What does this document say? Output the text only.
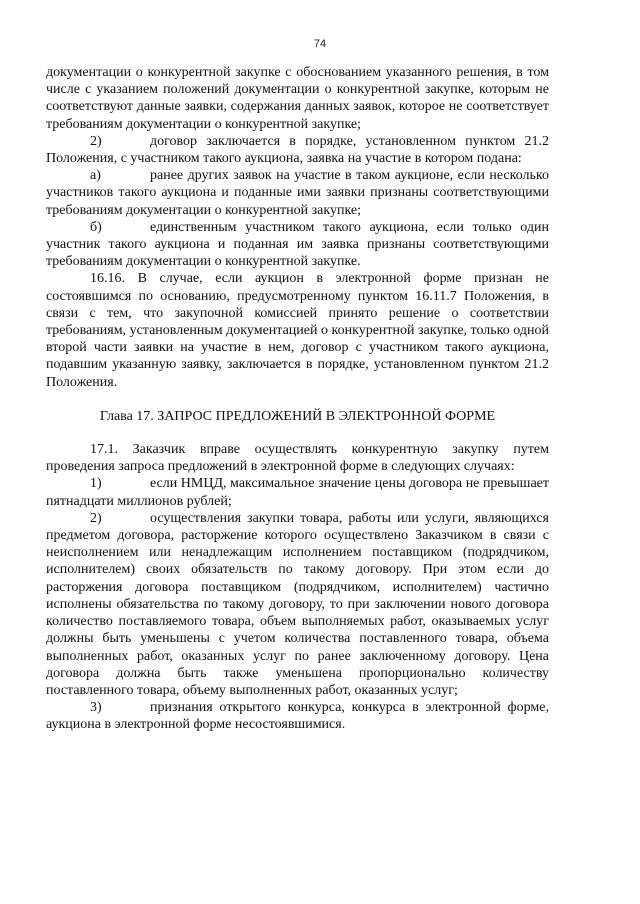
74

документации о конкурентной закупке с обоснованием указанного решения, в том числе с указанием положений документации о конкурентной закупке, которым не соответствуют данные заявки, содержания данных заявок, которое не соответствует требованиям документации о конкурентной закупке;

2)	договор заключается в порядке, установленном пунктом 21.2 Положения, с участником такого аукциона, заявка на участие в котором подана:

а)	ранее других заявок на участие в таком аукционе, если несколько участников такого аукциона и поданные ими заявки признаны соответствующими требованиям документации о конкурентной закупке;

б)	единственным участником такого аукциона, если только один участник такого аукциона и поданная им заявка признаны соответствующими требованиям документации о конкурентной закупке.

16.16. В случае, если аукцион в электронной форме признан не состоявшимся по основанию, предусмотренному пунктом 16.11.7 Положения, в связи с тем, что закупочной комиссией принято решение о соответствии требованиям, установленным документацией о конкурентной закупке, только одной второй части заявки на участие в нем, договор с участником такого аукциона, подавшим указанную заявку, заключается в порядке, установленном пунктом 21.2 Положения.

Глава 17. ЗАПРОС ПРЕДЛОЖЕНИЙ В ЭЛЕКТРОННОЙ ФОРМЕ

17.1. Заказчик вправе осуществлять конкурентную закупку путем проведения запроса предложений в электронной форме в следующих случаях:

1)	если НМЦД, максимальное значение цены договора не превышает пятнадцати миллионов рублей;

2)	осуществления закупки товара, работы или услуги, являющихся предметом договора, расторжение которого осуществлено Заказчиком в связи с неисполнением или ненадлежащим исполнением поставщиком (подрядчиком, исполнителем) своих обязательств по такому договору. При этом если до расторжения договора поставщиком (подрядчиком, исполнителем) частично исполнены обязательства по такому договору, то при заключении нового договора количество поставляемого товара, объем выполняемых работ, оказываемых услуг должны быть уменьшены с учетом количества поставленного товара, объема выполненных работ, оказанных услуг по ранее заключенному договору. Цена договора должна быть также уменьшена пропорционально количеству поставленного товара, объему выполненных работ, оказанных услуг;

3)	признания открытого конкурса, конкурса в электронной форме, аукциона в электронной форме несостоявшимися.
